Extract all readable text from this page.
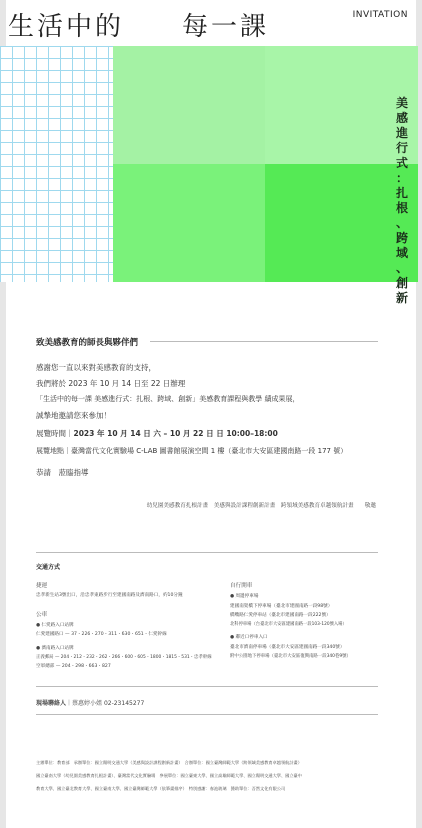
生活中的　　每一課	INVITATION
美
感
進
行
式
：
扎
根
、
跨
域
、
創
新
致美感教育的師長與夥伴們
感謝您一直以來對美感教育的支持，
我們將於 2023 年 10 月 14 日至 22 日辦理
「生活中的每一課 美感進行式：扎根、跨域、創新」美感教育課程與教學 績成果展，
誠摯地邀請您來參加！
展覽時間｜2023 年 10 月 14 日 六 – 10 月 22 日 日 10:00–18:00
展覽地點｜臺灣當代文化實驗場 C-LAB 圖書館展演空間 1 樓（臺北市大安區建國南路一段 177 號）
恭請　蒞臨指導
幼兒園美感教育扎根計畫　美感與設計課程創新計畫　跨領域美感教育卓越領航計畫　　敬邀
交通方式
捷運
忠孝新生站3號出口，沿忠孝東路步行至建國南路及濟南路口，約10分鐘
公車
● 仁愛路入口站牌
仁愛建國路口 — 37・226・270・311・630・651・仁愛幹線
● 濟南路入口站牌
正義郵局 — 204・212・232・262・266・600・605・1800・1815・531・忠孝幹線
空軍總部 — 204・298・663・827
自行開車
● 周邊停車場
建國南架橋下停車場（臺北市建國南路一段98號）
橋嘴路仁愛停車站（臺北市建國南路一段222號）
北科停車場（台臺北市大安區建國南路一段103-120號入場）
● 鄰近口停車入口
臺北市濟南停車場（臺北市大安區建國南路一段340號）
附中公園地下停車場（臺北市大安區復興南路一段340巷9號）
現場聯絡人｜蔡惠婷小姐 02-23145277
主辦單位：教育部　承辦單位：國立陽明交通大學（美感與設計課程創新計畫）　合辦單位：國立臺灣師範大學（跨領域美感教育卓越領航計畫）
國立臺南大學（幼兒園美感教育扎根計畫）、臺灣當代文化實驗場　參展單位：國立臺東大學、國立高雄師範大學、國立陽明交通大學、國立臺中
教育大學、國立臺北教育大學、國立臺南大學、國立臺灣師範大學（依筆畫排序）　特別感謝：春池玻璃　贊助單位：吾然文化有限公司
